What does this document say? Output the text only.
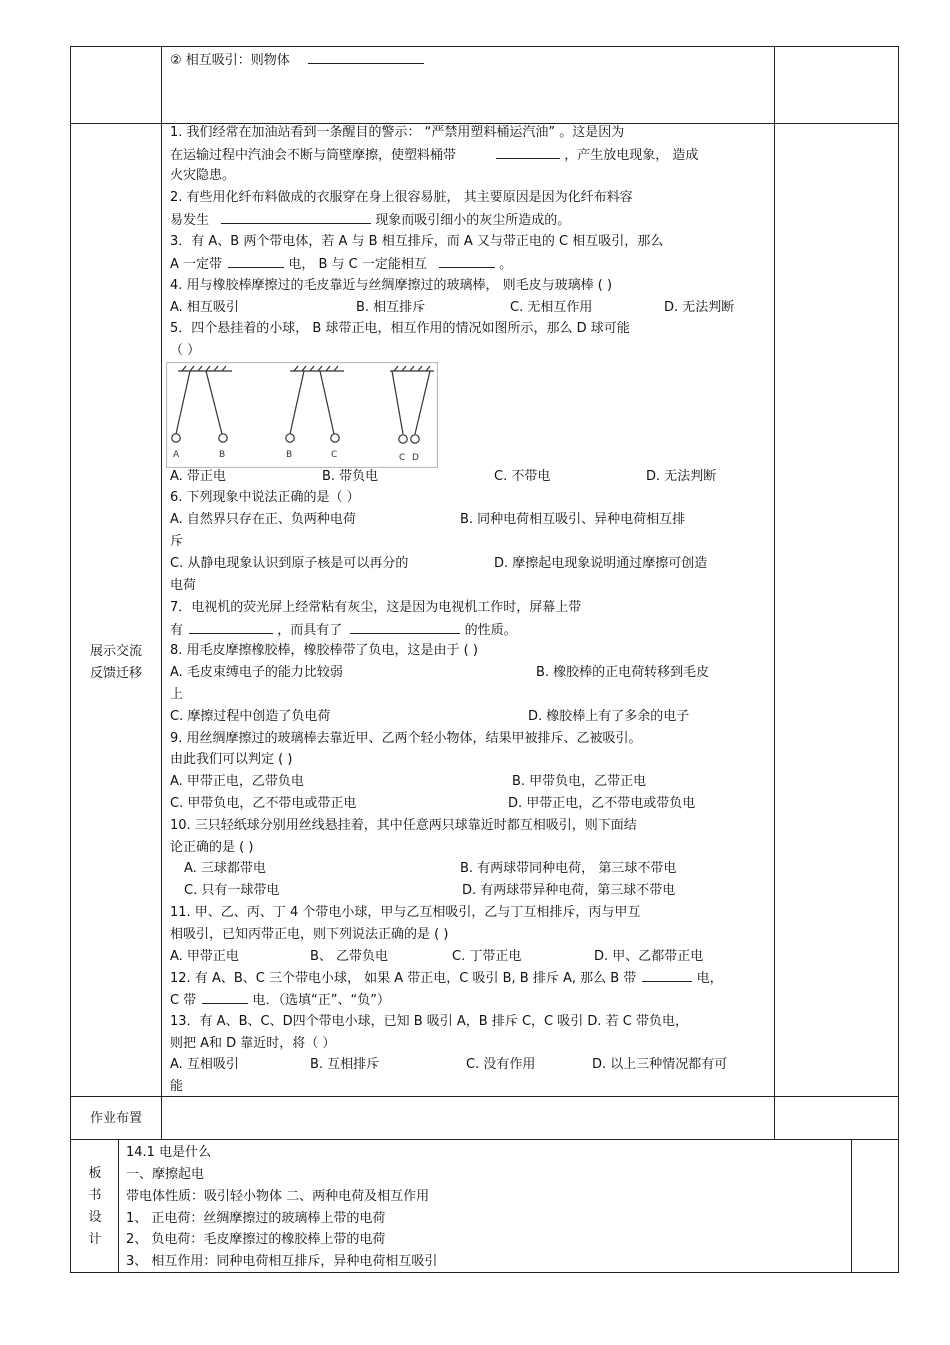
② 相互吸引：则物体
展示交流
反馈迁移
1. 我们经常在加油站看到一条醒目的警示： “严禁用塑料桶运汽油” 。这是因为
在运输过程中汽油会不断与筒壁摩擦，使塑料桶带	，产生放电现象， 造成
火灾隐患。
2. 有些用化纤布料做成的衣服穿在身上很容易脏， 其主要原因是因为化纤布料容
易发生	现象而吸引细小的灰尘所造成的。
3．有 A、B 两个带电体，若 A 与 B 相互排斥，而 A 又与带正电的 C 相互吸引，那么
A 一定带	电， B 与 C 一定能相互	。
4. 用与橡胶棒摩擦过的毛皮靠近与丝绸摩擦过的玻璃棒， 则毛皮与玻璃棒 ( )
A. 相互吸引	B. 相互排斥	C. 无相互作用	D. 无法判断
5．四个悬挂着的小球， B 球带正电，相互作用的情况如图所示，那么 D 球可能
（ ）
A	B	B	C	C D
A. 带正电	B. 带负电	C. 不带电	D. 无法判断
6. 下列现象中说法正确的是（ ）
A. 自然界只存在正、负两种电荷	B. 同种电荷相互吸引、异种电荷相互排
斥
C. 从静电现象认识到原子核是可以再分的	D. 摩擦起电现象说明通过摩擦可创造
电荷
7．电视机的荧光屏上经常粘有灰尘，这是因为电视机工作时，屏幕上带
有	，而具有了	的性质。
8. 用毛皮摩擦橡胶棒，橡胶棒带了负电，这是由于 ( )
A. 毛皮束缚电子的能力比较弱	B. 橡胶棒的正电荷转移到毛皮
上
C. 摩擦过程中创造了负电荷	D. 橡胶棒上有了多余的电子
9. 用丝绸摩擦过的玻璃棒去靠近甲、乙两个轻小物体，结果甲被排斥、乙被吸引。
由此我们可以判定 ( )
A. 甲带正电，乙带负电	B. 甲带负电，乙带正电
C. 甲带负电，乙不带电或带正电	D. 甲带正电，乙不带电或带负电
10. 三只轻纸球分别用丝线悬挂着，其中任意两只球靠近时都互相吸引，则下面结
论正确的是 ( )
A. 三球都带电	B. 有两球带同种电荷， 第三球不带电
C. 只有一球带电	D. 有两球带异种电荷，第三球不带电
11. 甲、乙、丙、丁 4 个带电小球，甲与乙互相吸引，乙与丁互相排斥，丙与甲互
相吸引，已知丙带正电，则下列说法正确的是 ( )
A. 甲带正电	B、 乙带负电	C. 丁带正电	D. 甲、乙都带正电
12. 有 A、B、C 三个带电小球， 如果 A 带正电，C 吸引 B, B 排斥 A, 那么 B 带	电，
C 带	电．（选填“正”、“负”）
13．有 A、B、C、D四个带电小球，已知 B 吸引 A，B 排斥 C，C 吸引 D. 若 C 带负电，
则把 A和 D 靠近时，将（ ）
A. 互相吸引	B. 互相排斥	C. 没有作用	D. 以上三种情况都有可
能
作业布置
板
书
设
计
14.1 电是什么
一、摩擦起电
带电体性质：吸引轻小物体 二、两种电荷及相互作用
1、 正电荷：丝绸摩擦过的玻璃棒上带的电荷
2、 负电荷：毛皮摩擦过的橡胶棒上带的电荷
3、 相互作用：同种电荷相互排斥，异种电荷相互吸引
